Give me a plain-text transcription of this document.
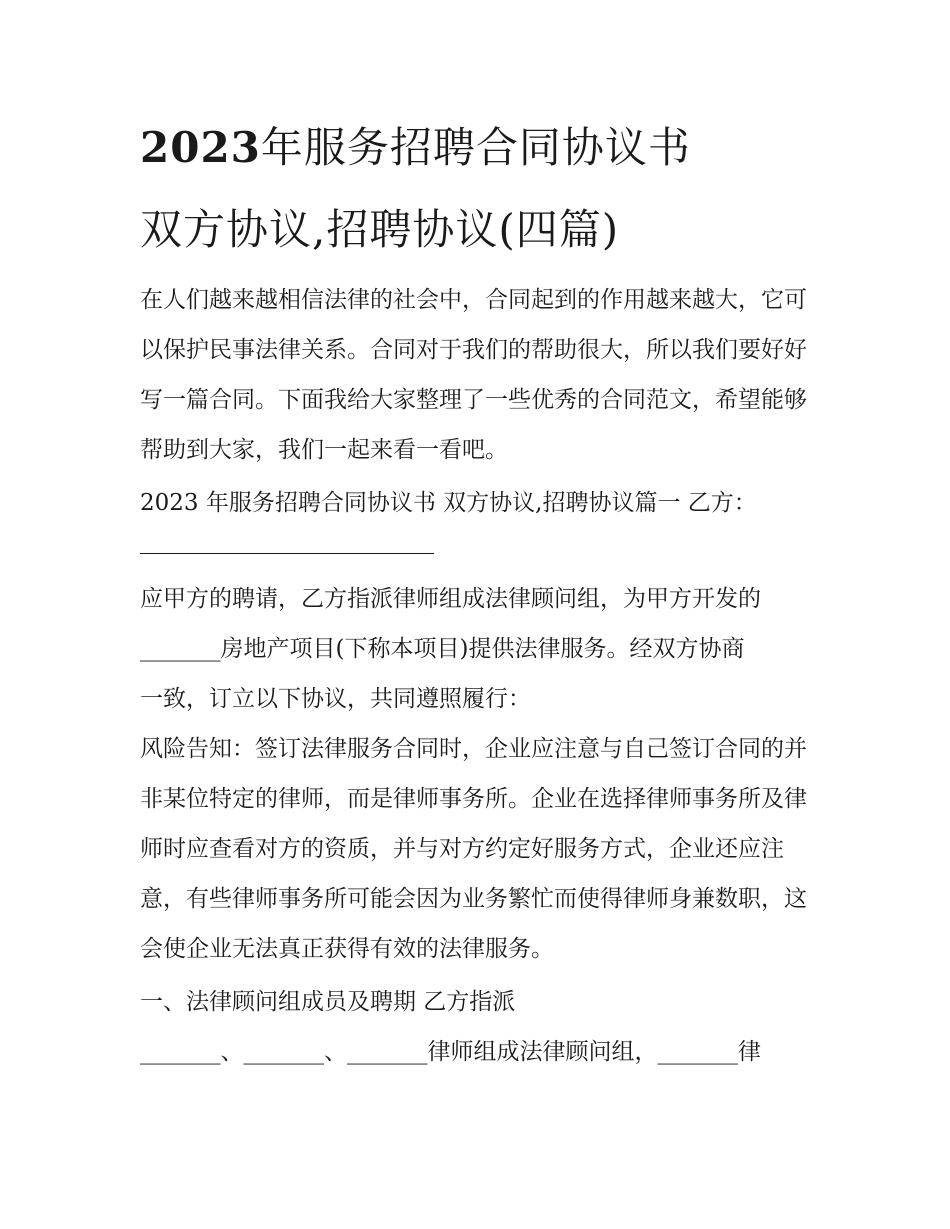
2023年服务招聘合同协议书
双方协议,招聘协议(四篇)

在人们越来越相信法律的社会中，合同起到的作用越来越大，它可以保护民事法律关系。合同对于我们的帮助很大，所以我们要好好写一篇合同。下面我给大家整理了一些优秀的合同范文，希望能够帮助到大家，我们一起来看一看吧。

2023 年服务招聘合同协议书 双方协议,招聘协议篇一 乙方：

应甲方的聘请，乙方指派律师组成法律顾问组，为甲方开发的_______房地产项目(下称本项目)提供法律服务。经双方协商

一致，订立以下协议，共同遵照履行：

风险告知：签订法律服务合同时，企业应注意与自己签订合同的并非某位特定的律师，而是律师事务所。企业在选择律师事务所及律师时应查看对方的资质，并与对方约定好服务方式，企业还应注意，有些律师事务所可能会因为业务繁忙而使得律师身兼数职，这会使企业无法真正获得有效的法律服务。

一、法律顾问组成员及聘期 乙方指派
_______、_______、_______律师组成法律顾问组，_______律
